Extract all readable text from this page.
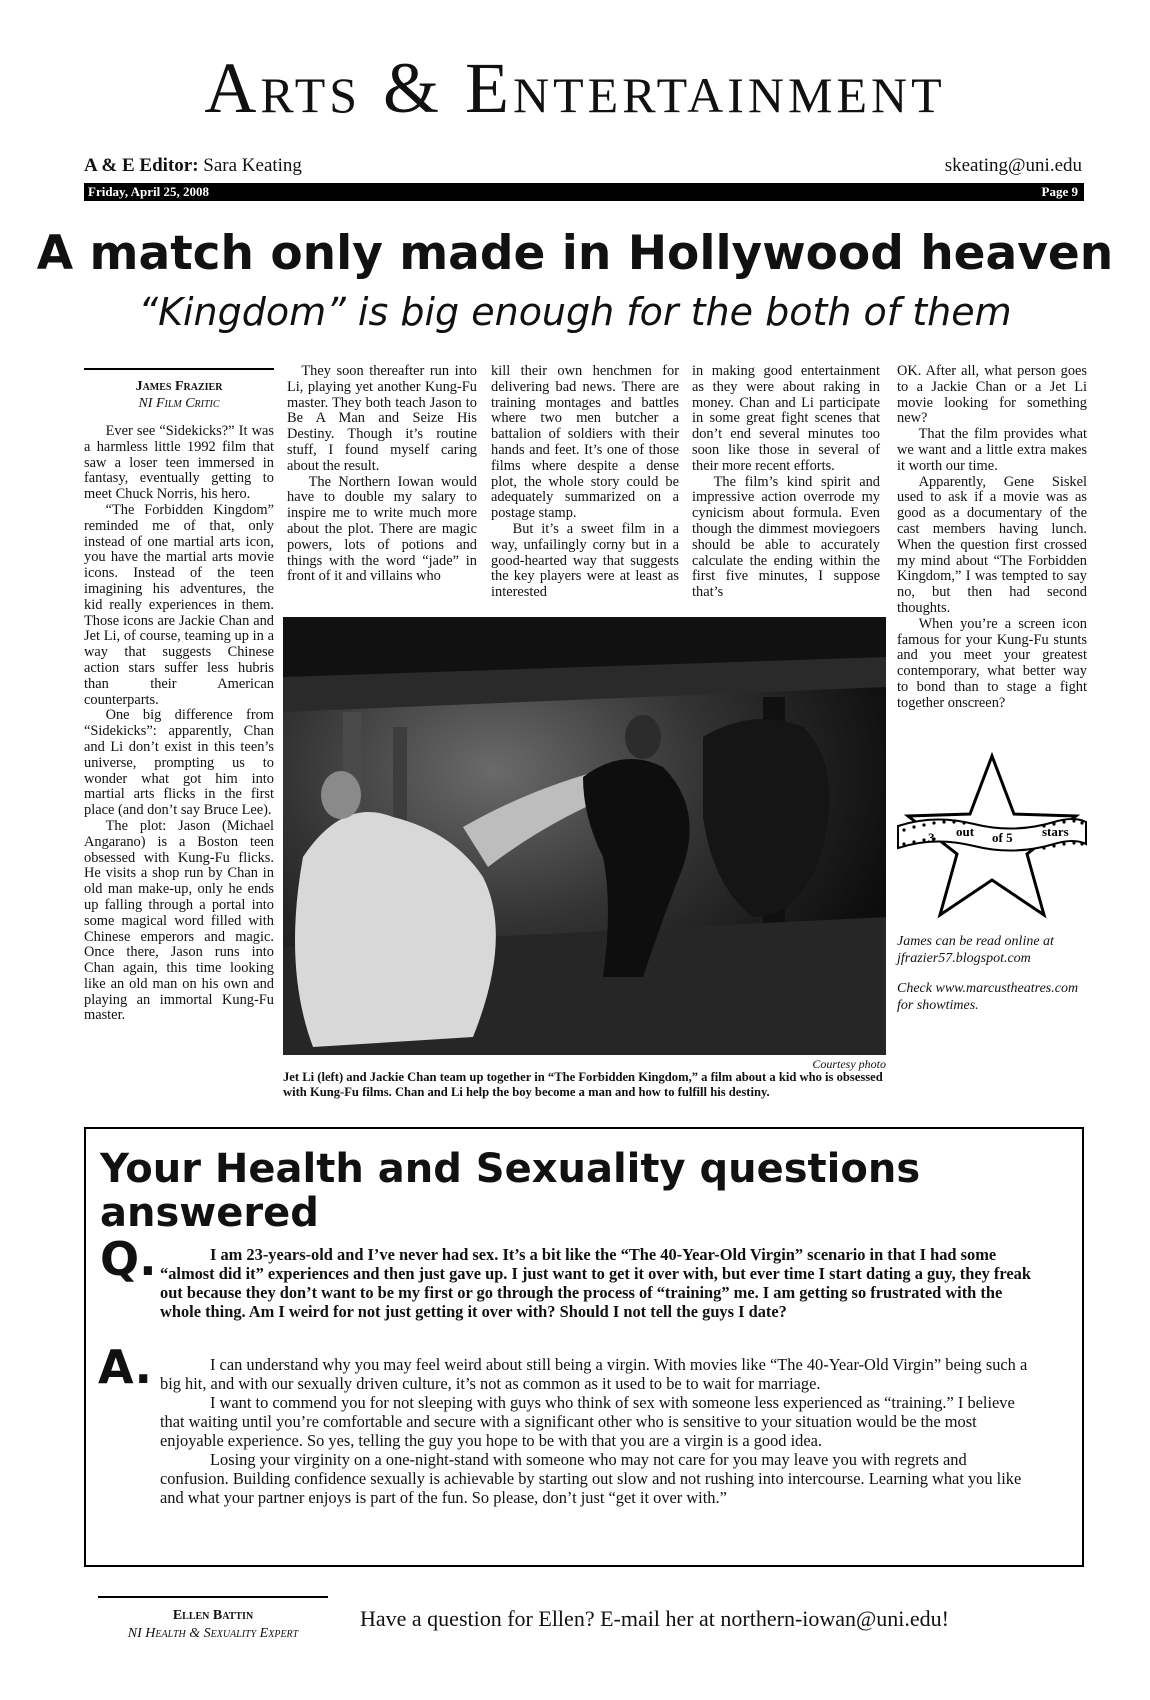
Arts & Entertainment
A & E Editor: Sara Keating	skeating@uni.edu
Friday, April 25, 2008	Page 9
A match only made in Hollywood heaven
“Kingdom” is big enough for the both of them
James Frazier
NI Film Critic

Ever see “Sidekicks?” It was a harmless little 1992 film that saw a loser teen immersed in fantasy, eventually getting to meet Chuck Norris, his hero.

“The Forbidden Kingdom” reminded me of that, only instead of one martial arts icon, you have the martial arts movie icons. Instead of the teen imagining his adventures, the kid really experiences in them. Those icons are Jackie Chan and Jet Li, of course, teaming up in a way that suggests Chinese action stars suffer less hubris than their American counterparts.

One big difference from “Sidekicks”: apparently, Chan and Li don’t exist in this teen’s universe, prompting us to wonder what got him into martial arts flicks in the first place (and don’t say Bruce Lee).

The plot: Jason (Michael Angarano) is a Boston teen obsessed with Kung-Fu flicks. He visits a shop run by Chan in old man make-up, only he ends up falling through a portal into some magical word filled with Chinese emperors and magic. Once there, Jason runs into Chan again, this time looking like an old man on his own and playing an immortal Kung-Fu master.

They soon thereafter run into Li, playing yet another Kung-Fu master. They both teach Jason to Be A Man and Seize His Destiny. Though it’s routine stuff, I found myself caring about the result.

The Northern Iowan would have to double my salary to inspire me to write much more about the plot. There are magic powers, lots of potions and things with the word “jade” in front of it and villains who

kill their own henchmen for delivering bad news. There are training montages and battles where two men butcher a battalion of soldiers with their hands and feet. It’s one of those films where despite a dense plot, the whole story could be adequately summarized on a postage stamp.

But it’s a sweet film in a way, unfailingly corny but in a good-hearted way that suggests the key players were at least as interested

in making good entertainment as they were about raking in money. Chan and Li participate in some great fight scenes that don’t end several minutes too soon like those in several of their more recent efforts.

The film’s kind spirit and impressive action overrode my cynicism about formula. Even though the dimmest moviegoers should be able to accurately calculate the ending within the first five minutes, I suppose that’s

OK. After all, what person goes to a Jackie Chan or a Jet Li movie looking for something new?

That the film provides what we want and a little extra makes it worth our time.

Apparently, Gene Siskel used to ask if a movie was as good as a documentary of the cast members having lunch. When the question first crossed my mind about “The Forbidden Kingdom,” I was tempted to say no, but then had second thoughts.

When you’re a screen icon famous for your Kung-Fu stunts and you meet your greatest contemporary, what better way to bond than to stage a fight together onscreen?

Courtesy photo
Jet Li (left) and Jackie Chan team up together in “The Forbidden Kingdom,” a film about a kid who is obsessed with Kung-Fu films. Chan and Li help the boy become a man and how to fulfill his destiny.
3 out of 5 stars
James can be read online at jfrazier57.blogspot.com
Check www.marcustheatres.com for showtimes.
Your Health and Sexuality questions answered
Q.	I am 23-years-old and I’ve never had sex. It’s a bit like the “The 40-Year-Old Virgin” scenario in that I had some “almost did it” experiences and then just gave up. I just want to get it over with, but ever time I start dating a guy, they freak out because they don’t want to be my first or go through the process of “training” me. I am getting so frustrated with the whole thing. Am I weird for not just getting it over with? Should I not tell the guys I date?
A.	I can understand why you may feel weird about still being a virgin. With movies like “The 40-Year-Old Virgin” being such a big hit, and with our sexually driven culture, it’s not as common as it used to be to wait for marriage.

I want to commend you for not sleeping with guys who think of sex with someone less experienced as “training.” I believe that waiting until you’re comfortable and secure with a significant other who is sensitive to your situation would be the most enjoyable experience. So yes, telling the guy you hope to be with that you are a virgin is a good idea.

Losing your virginity on a one-night-stand with someone who may not care for you may leave you with regrets and confusion. Building confidence sexually is achievable by starting out slow and not rushing into intercourse. Learning what you like and what your partner enjoys is part of the fun. So please, don’t just “get it over with.”

Ellen Battin
NI Health & Sexuality Expert
Have a question for Ellen? E-mail her at northern-iowan@uni.edu!
